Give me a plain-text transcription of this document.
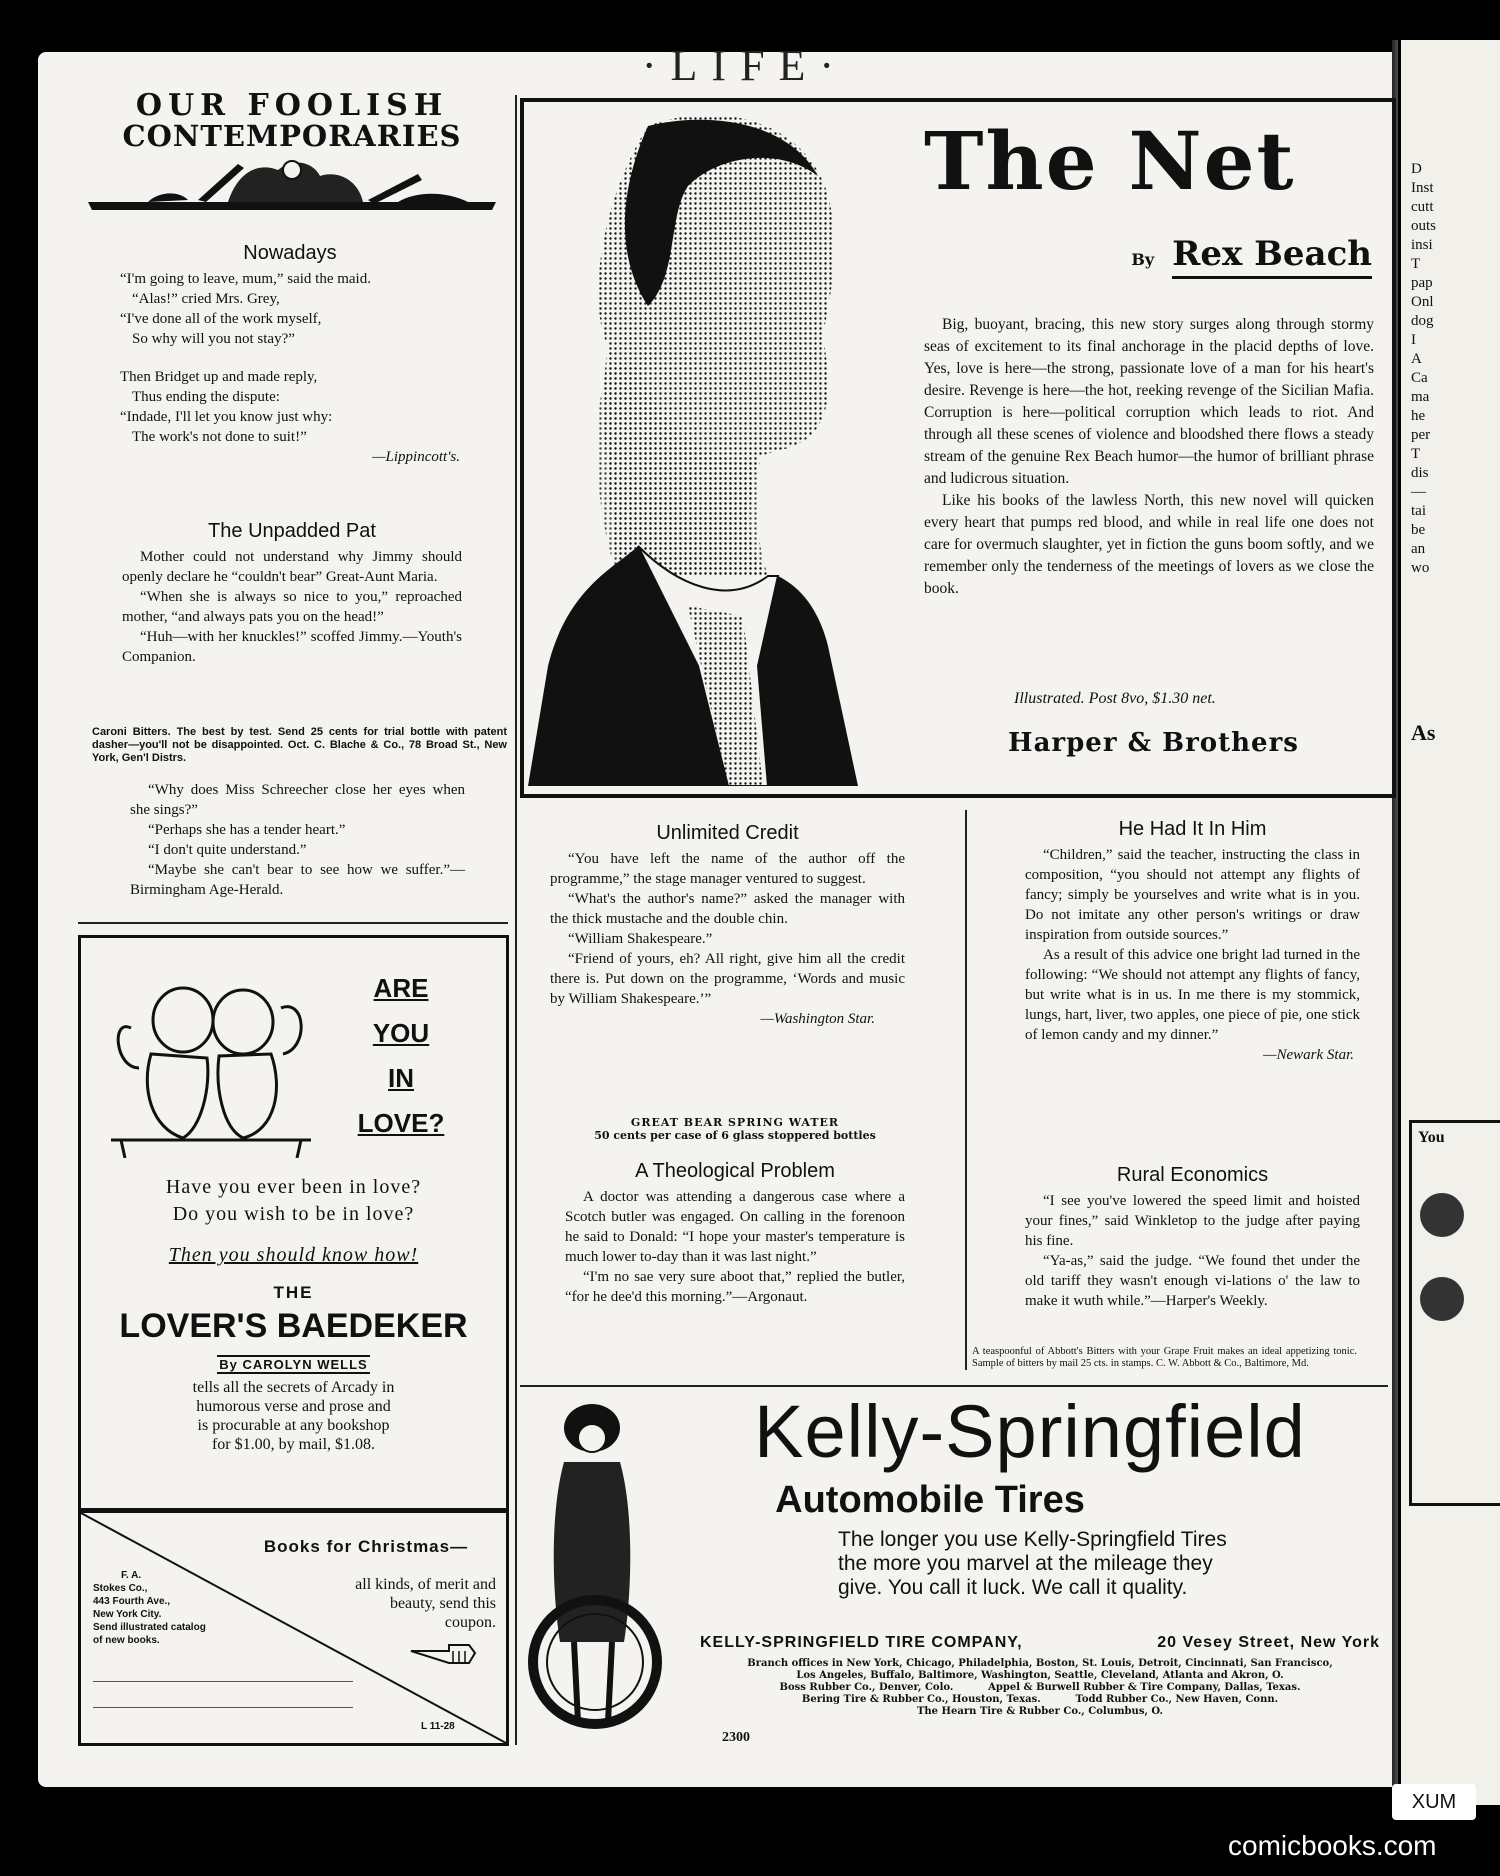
D
Inst
cutt
outs
insi
T
pap
Onl
dog
I
A
Ca
ma
he
per
T
dis
—
tai
be
an
wo
As
You
·LIFE·
OUR FOOLISH
CONTEMPORARIES
Nowadays
“I'm going to leave, mum,” said the maid.
“Alas!” cried Mrs. Grey,
“I've done all of the work myself,
So why will you not stay?”
Then Bridget up and made reply,
Thus ending the dispute:
“Indade, I'll let you know just why:
The work's not done to suit!”
—Lippincott's.
The Unpadded Pat

Mother could not understand why Jimmy should openly declare he “couldn't bear” Great-Aunt Maria.

“When she is always so nice to you,” reproached mother, “and always pats you on the head!”

“Huh—with her knuckles!” scoffed Jimmy.—Youth's Companion.

Caroni Bitters. The best by test. Send 25 cents for trial bottle with patent dasher—you'll not be disappointed. Oct. C. Blache & Co., 78 Broad St., New York, Gen'l Distrs.

“Why does Miss Schreecher close her eyes when she sings?”

“Perhaps she has a tender heart.”

“I don't quite understand.”

“Maybe she can't bear to see how we suffer.”—Birmingham Age-Herald.

ARE
YOU
IN
LOVE?
Have you ever been in love?
Do you wish to be in love?
Then you should know how!
THE
LOVER'S BAEDEKER
By CAROLYN WELLS
tells all the secrets of Arcady in
humorous verse and prose and
is procurable at any bookshop
for $1.00, by mail, $1.08.
Books for Christmas—
all kinds, of merit and
beauty, send this
coupon.
F. A.
Stokes Co.,
443 Fourth Ave.,
New York City.
Send illustrated catalog
of new books.
L 11-28
The Net
By Rex Beach

Big, buoyant, bracing, this new story surges along through stormy seas of excitement to its final anchorage in the placid depths of love. Yes, love is here—the strong, passionate love of a man for his heart's desire. Revenge is here—the hot, reeking revenge of the Sicilian Mafia. Corruption is here—political corruption which leads to riot. And through all these scenes of violence and bloodshed there flows a steady stream of the genuine Rex Beach humor—the humor of brilliant phrase and ludicrous situation.

Like his books of the lawless North, this new novel will quicken every heart that pumps red blood, and while in real life one does not care for overmuch slaughter, yet in fiction the guns boom softly, and we remember only the tenderness of the meetings of lovers as we close the book.

Illustrated. Post 8vo, $1.30 net.
Harper & Brothers
Unlimited Credit

“You have left the name of the author off the programme,” the stage manager ventured to suggest.

“What's the author's name?” asked the manager with the thick mustache and the double chin.

“William Shakespeare.”

“Friend of yours, eh? All right, give him all the credit there is. Put down on the programme, ‘Words and music by William Shakespeare.’”

—Washington Star.
GREAT BEAR SPRING WATER
50 cents per case of 6 glass stoppered bottles
A Theological Problem

A doctor was attending a dangerous case where a Scotch butler was engaged. On calling in the forenoon he said to Donald: “I hope your master's temperature is much lower to-day than it was last night.”

“I'm no sae very sure aboot that,” replied the butler, “for he dee'd this morning.”—Argonaut.

He Had It In Him

“Children,” said the teacher, instructing the class in composition, “you should not attempt any flights of fancy; simply be yourselves and write what is in you. Do not imitate any other person's writings or draw inspiration from outside sources.”

As a result of this advice one bright lad turned in the following: “We should not attempt any flights of fancy, but write what is in us. In me there is my stommick, lungs, hart, liver, two apples, one piece of pie, one stick of lemon candy and my dinner.”

—Newark Star.
Rural Economics

“I see you've lowered the speed limit and hoisted your fines,” said Winkletop to the judge after paying his fine.

“Ya-as,” said the judge. “We found thet under the old tariff they wasn't enough vi-lations o' the law to make it wuth while.”—Harper's Weekly.

A teaspoonful of Abbott's Bitters with your Grape Fruit makes an ideal appetizing tonic. Sample of bitters by mail 25 cts. in stamps. C. W. Abbott & Co., Baltimore, Md.
Kelly-Springfield
Automobile Tires
The longer you use Kelly-Springfield Tires
the more you marvel at the mileage they
give. You call it luck. We call it quality.
KELLY-SPRINGFIELD TIRE COMPANY,	20 Vesey Street, New York
Branch offices in New York, Chicago, Philadelphia, Boston, St. Louis, Detroit, Cincinnati, San Francisco,
Los Angeles, Buffalo, Baltimore, Washington, Seattle, Cleveland, Atlanta and Akron, O.
Boss Rubber Co., Denver, Colo.          Appel & Burwell Rubber & Tire Company, Dallas, Texas.
Bering Tire & Rubber Co., Houston, Texas.          Todd Rubber Co., New Haven, Conn.
The Hearn Tire & Rubber Co., Columbus, O.
2300
XUM
comicbooks.com
